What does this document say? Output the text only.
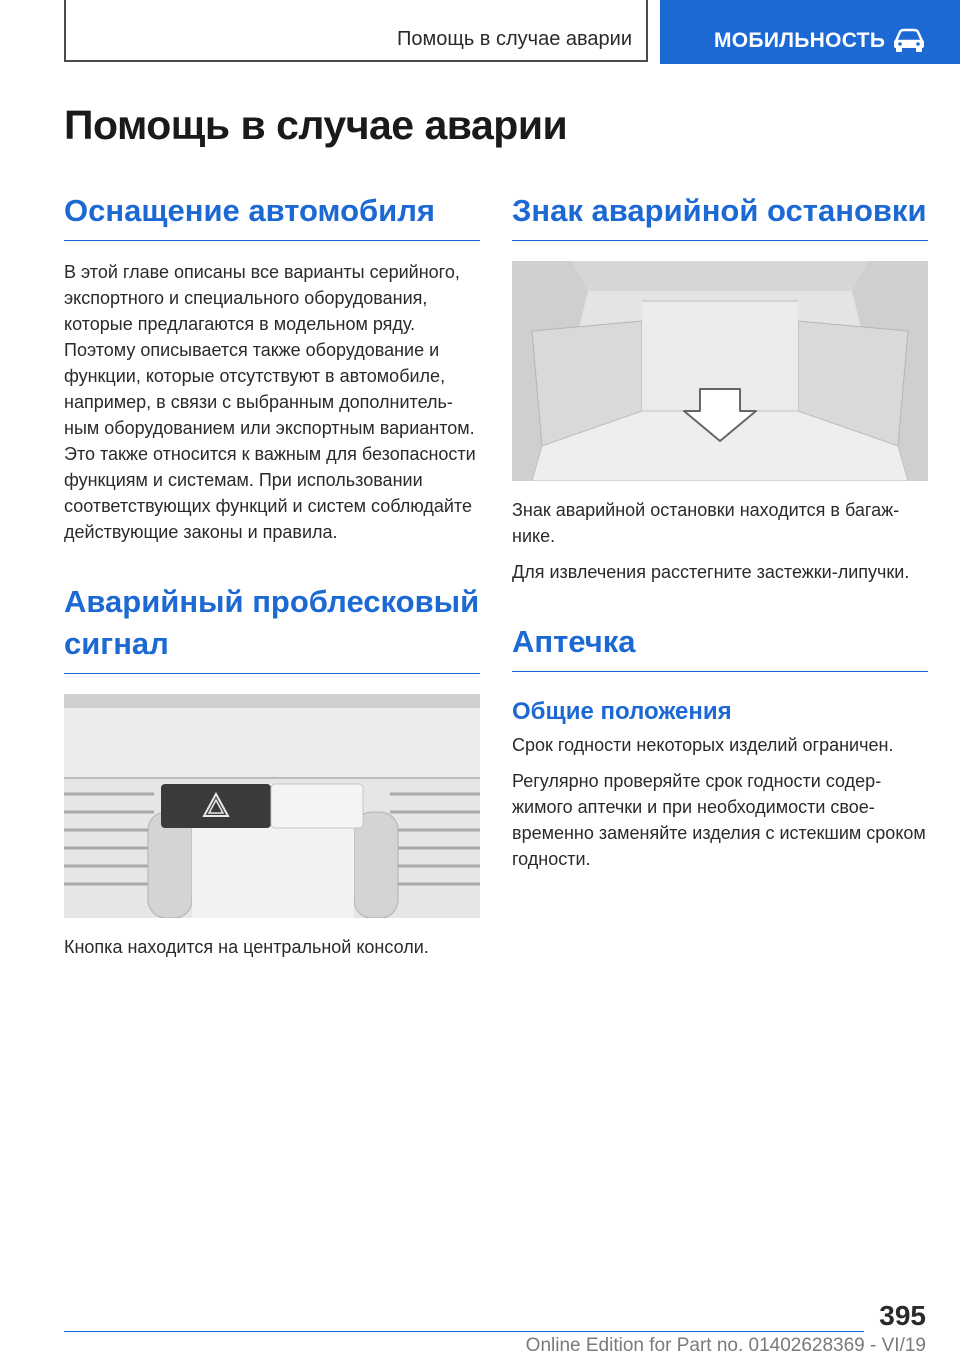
Помощь в случае аварии	МОБИЛЬНОСТЬ
Помощь в случае аварии
Оснащение автомобиля

В этой главе описаны все варианты серийного, экспортного и специального оборудования, которые предлагаются в модельном ряду. Поэтому описывается также оборудование и функции, которые отсутствуют в автомобиле, например, в связи с выбранным дополнительным оборудованием или экспортным вариантом. Это также относится к важным для безопасности функциям и системам. При использовании соответствующих функций и систем соблюдайте действующие законы и правила.

Аварийный проблесковый сигнал

Кнопка находится на центральной консоли.

Знак аварийной остановки

Знак аварийной остановки находится в багажнике.

Для извлечения расстегните застежки-липучки.

Аптечка
Общие положения

Срок годности некоторых изделий ограничен.

Регулярно проверяйте срок годности содержимого аптечки и при необходимости своевременно заменяйте изделия с истекшим сроком годности.

395
Online Edition for Part no. 01402628369 - VI/19
